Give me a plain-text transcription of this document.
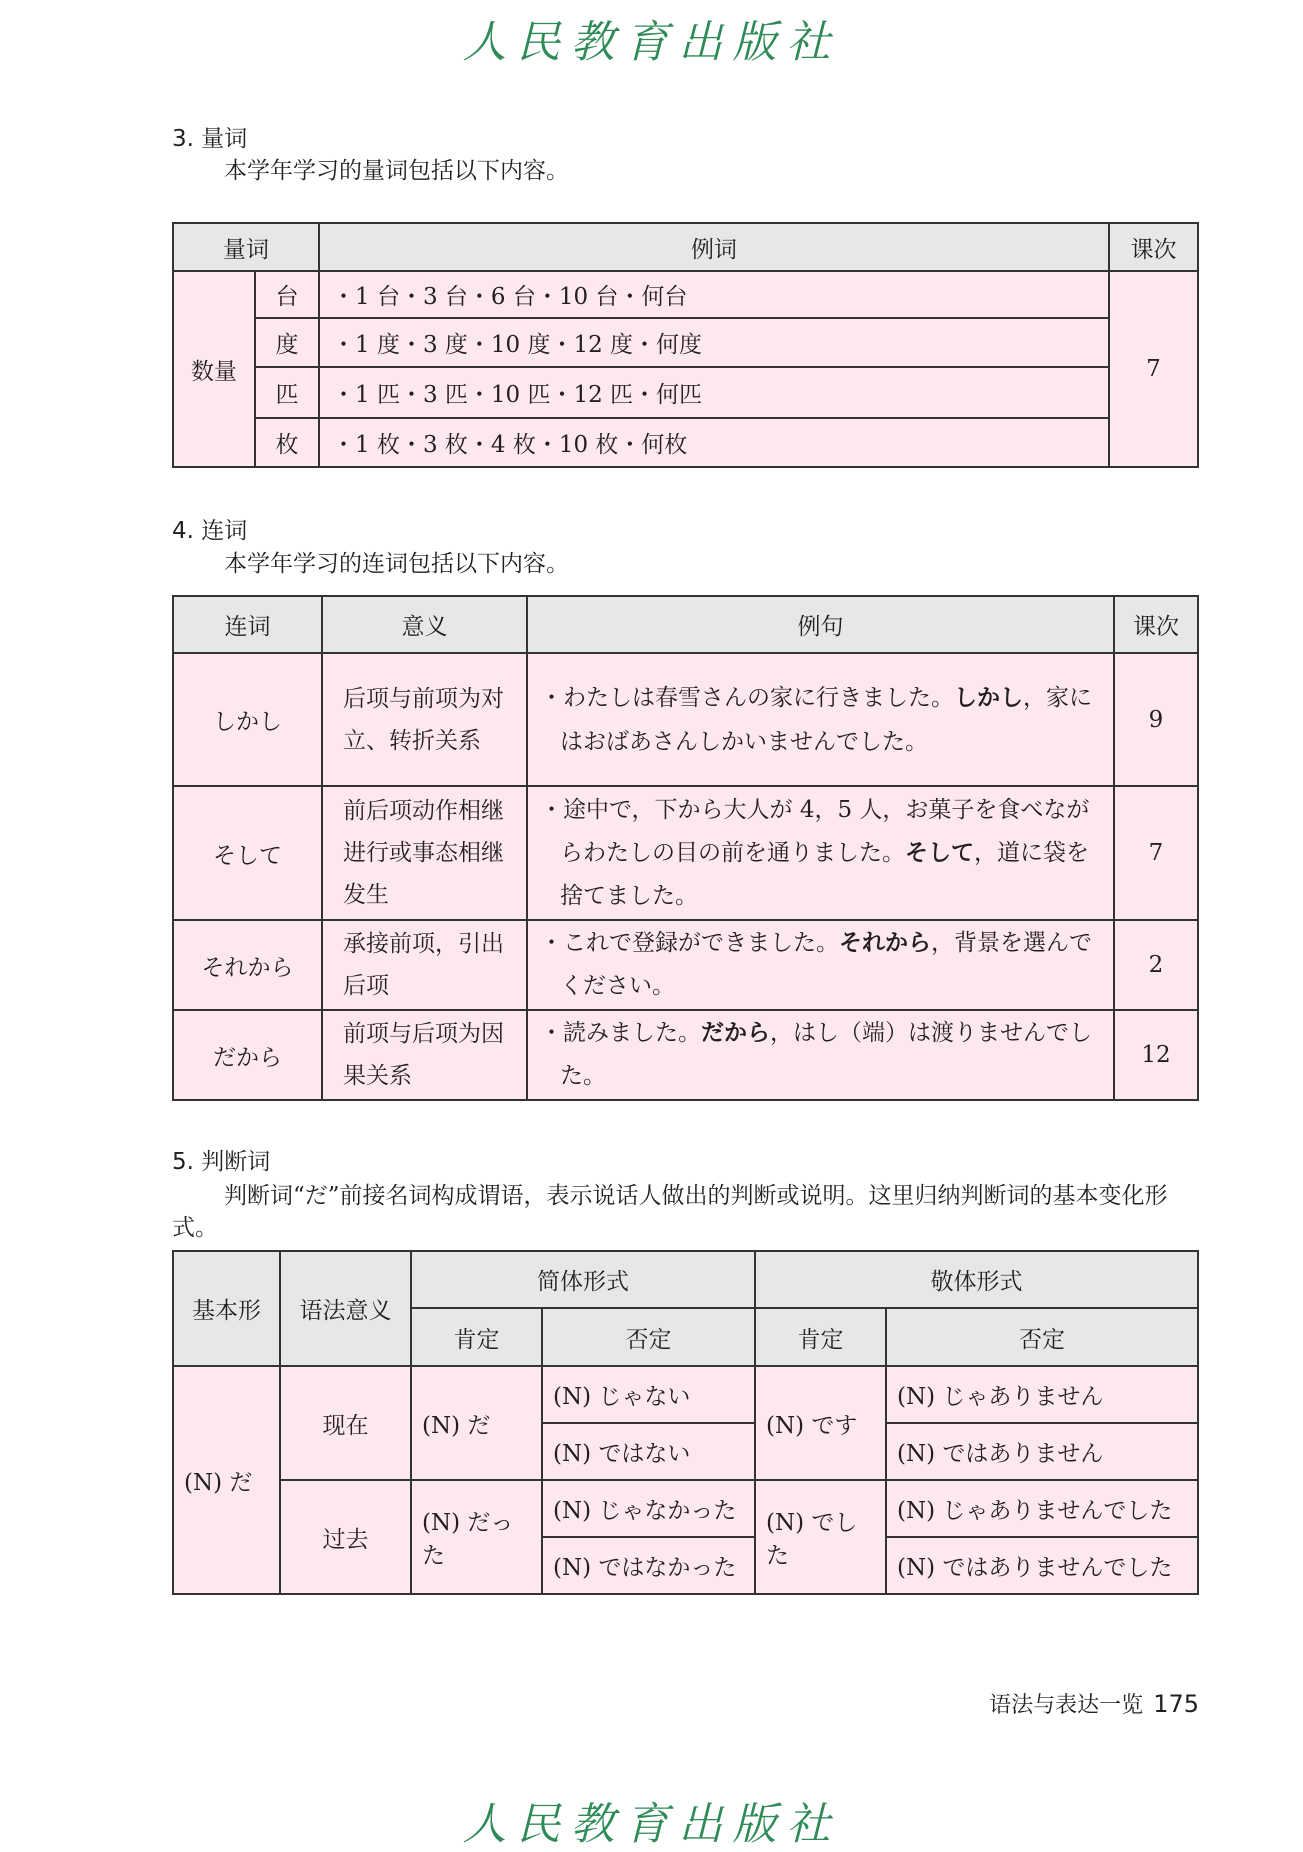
人民教育出版社
3. 量词
本学年学习的量词包括以下内容。
量词		例词	课次
数量	台	・1 台・3 台・6 台・10 台・何台	7
	度	・1 度・3 度・10 度・12 度・何度	
	匹	・1 匹・3 匹・10 匹・12 匹・何匹	
	枚	・1 枚・3 枚・4 枚・10 枚・何枚	
4. 连词
本学年学习的连词包括以下内容。
连词	意义	例句	课次
しかし	后项与前项为对立、转折关系	・わたしは春雪さんの家に行きました。しかし，家にはおばあさんしかいませんでした。	9
そして	前后项动作相继进行或事态相继发生	・途中で，下から大人が 4，5 人，お菓子を食べながらわたしの目の前を通りました。そして，道に袋を捨てました。	7
それから	承接前项，引出后项	・これで登録ができました。それから，背景を選んでください。	2
だから	前项与后项为因果关系	・読みました。だから，はし（端）は渡りませんでした。	12
5. 判断词
判断词“だ”前接名词构成谓语，表示说话人做出的判断或说明。这里归纳判断词的基本变化形式。
基本形	语法意义	简体形式		敬体形式	
		肯定	否定	肯定	否定
(N) だ	现在	(N) だ	(N) じゃない	(N) です	(N) じゃありません
			(N) ではない		(N) ではありません
	过去	(N) だった	(N) じゃなかった	(N) でした	(N) じゃありませんでした
			(N) ではなかった		(N) ではありませんでした
语法与表达一览 175
人民教育出版社
